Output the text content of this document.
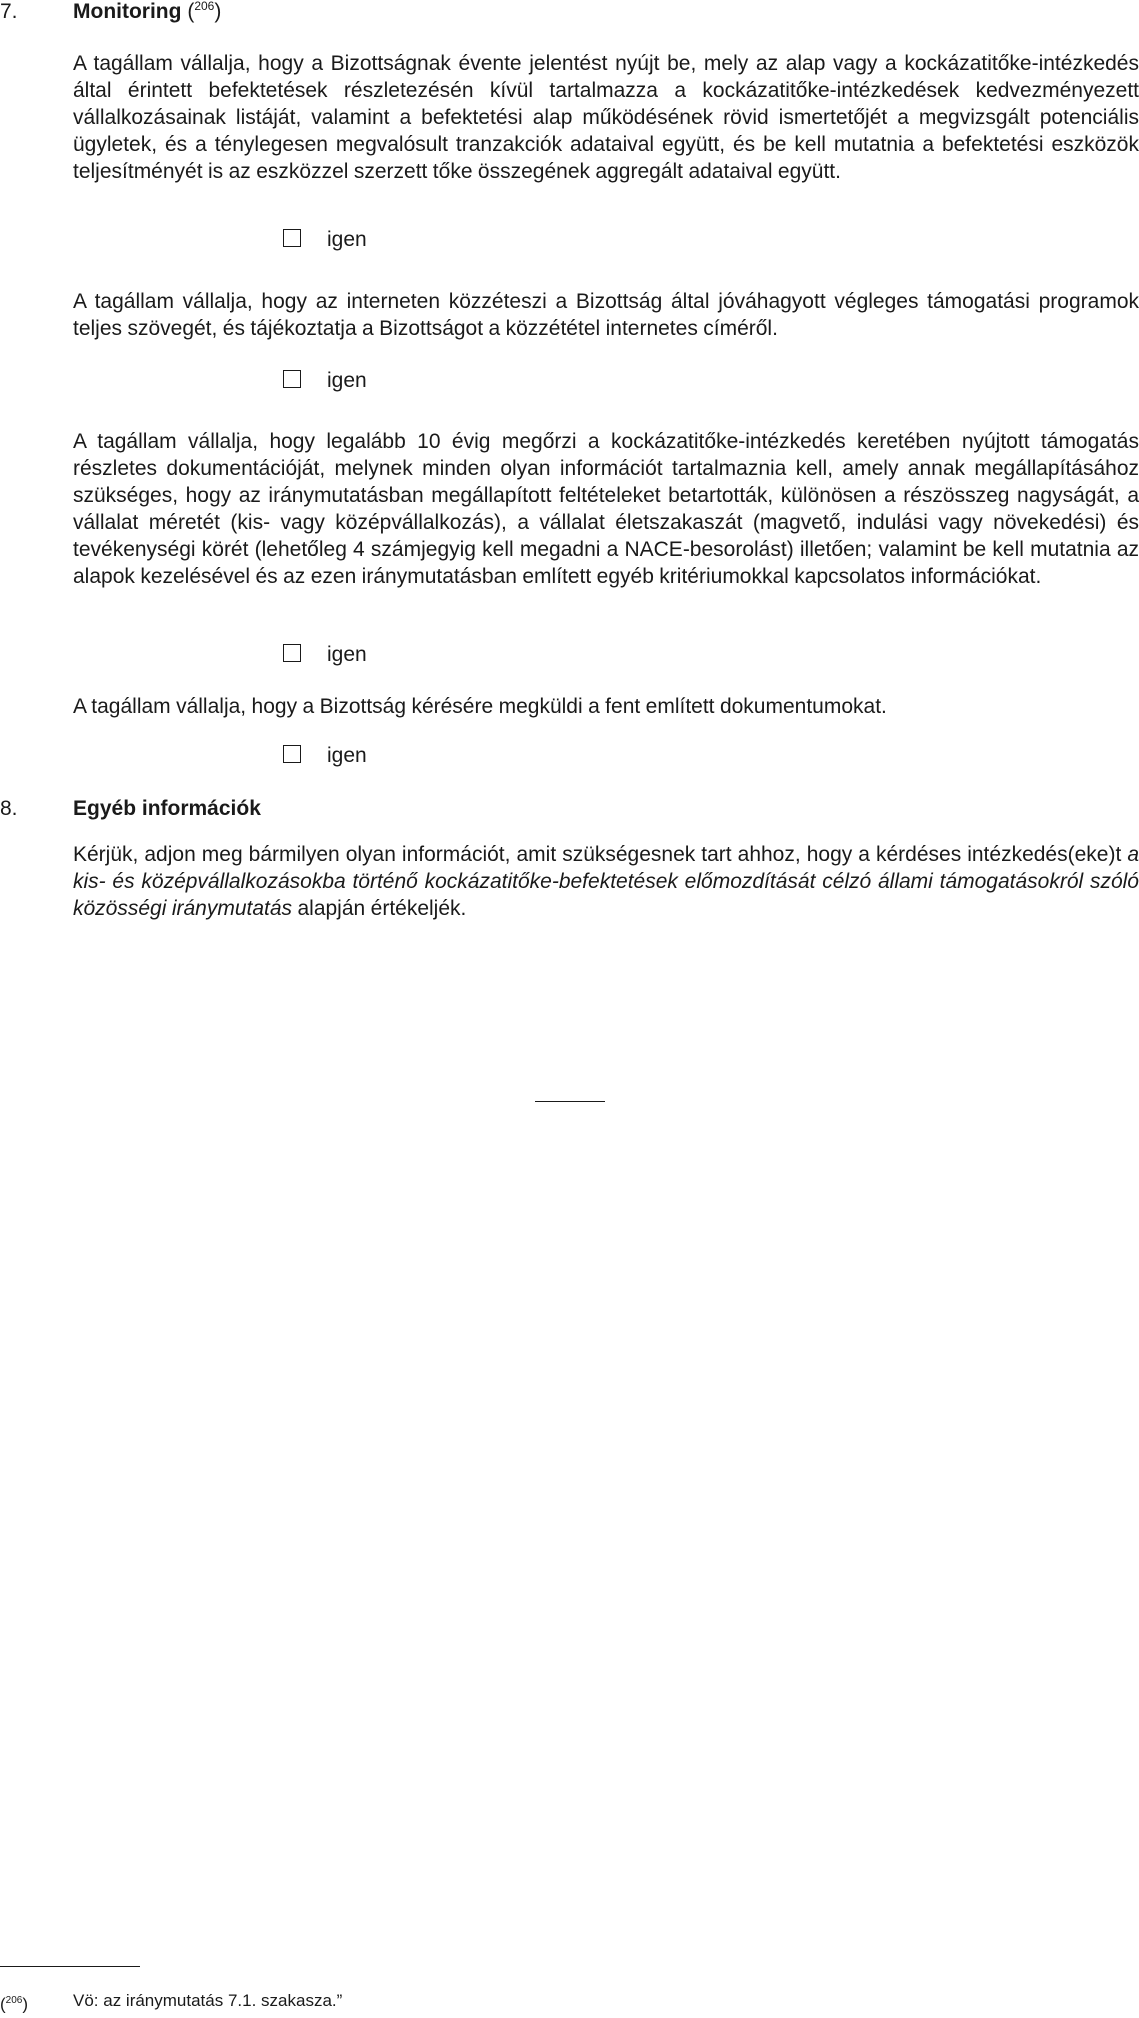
7.	Monitoring ($^{206}$)
A tagállam vállalja, hogy a Bizottságnak évente jelentést nyújt be, mely az alap vagy a kockázatitőke-intézkedés által érintett befektetések részletezésén kívül tartalmazza a kockázatitőke-intézkedések kedvezményezett vállalkozásainak listáját, valamint a befektetési alap működésének rövid ismertetőjét a megvizsgált potenciális ügyletek, és a ténylegesen megvalósult tranzakciók adataival együtt, és be kell mutatnia a befektetési eszközök teljesítményét is az eszközzel szerzett tőke összegének aggregált adataival együtt.
igen
A tagállam vállalja, hogy az interneten közzéteszi a Bizottság által jóváhagyott végleges támogatási programok teljes szövegét, és tájékoztatja a Bizottságot a közzététel internetes címéről.
igen
A tagállam vállalja, hogy legalább 10 évig megőrzi a kockázatitőke-intézkedés keretében nyújtott támogatás részletes dokumentációját, melynek minden olyan információt tartalmaznia kell, amely annak megállapításához szükséges, hogy az iránymutatásban megállapított feltételeket betartották, különösen a részösszeg nagyságát, a vállalat méretét (kis- vagy középvállalkozás), a vállalat életszakaszát (magvető, indulási vagy növekedési) és tevékenységi körét (lehetőleg 4 számjegyig kell megadni a NACE-besorolást) illetően; valamint be kell mutatnia az alapok kezelésével és az ezen iránymutatásban említett egyéb kritériumokkal kapcsolatos információkat.
igen
A tagállam vállalja, hogy a Bizottság kérésére megküldi a fent említett dokumentumokat.
igen
8.	Egyéb információk
Kérjük, adjon meg bármilyen olyan információt, amit szükségesnek tart ahhoz, hogy a kérdéses intézkedés(eke)t a kis- és középvállalkozásokba történő kockázatitőke-befektetések előmozdítását célzó állami támogatásokról szóló közösségi iránymutatás alapján értékeljék.
($^{206}$)	Vö: az iránymutatás 7.1. szakasza.”
